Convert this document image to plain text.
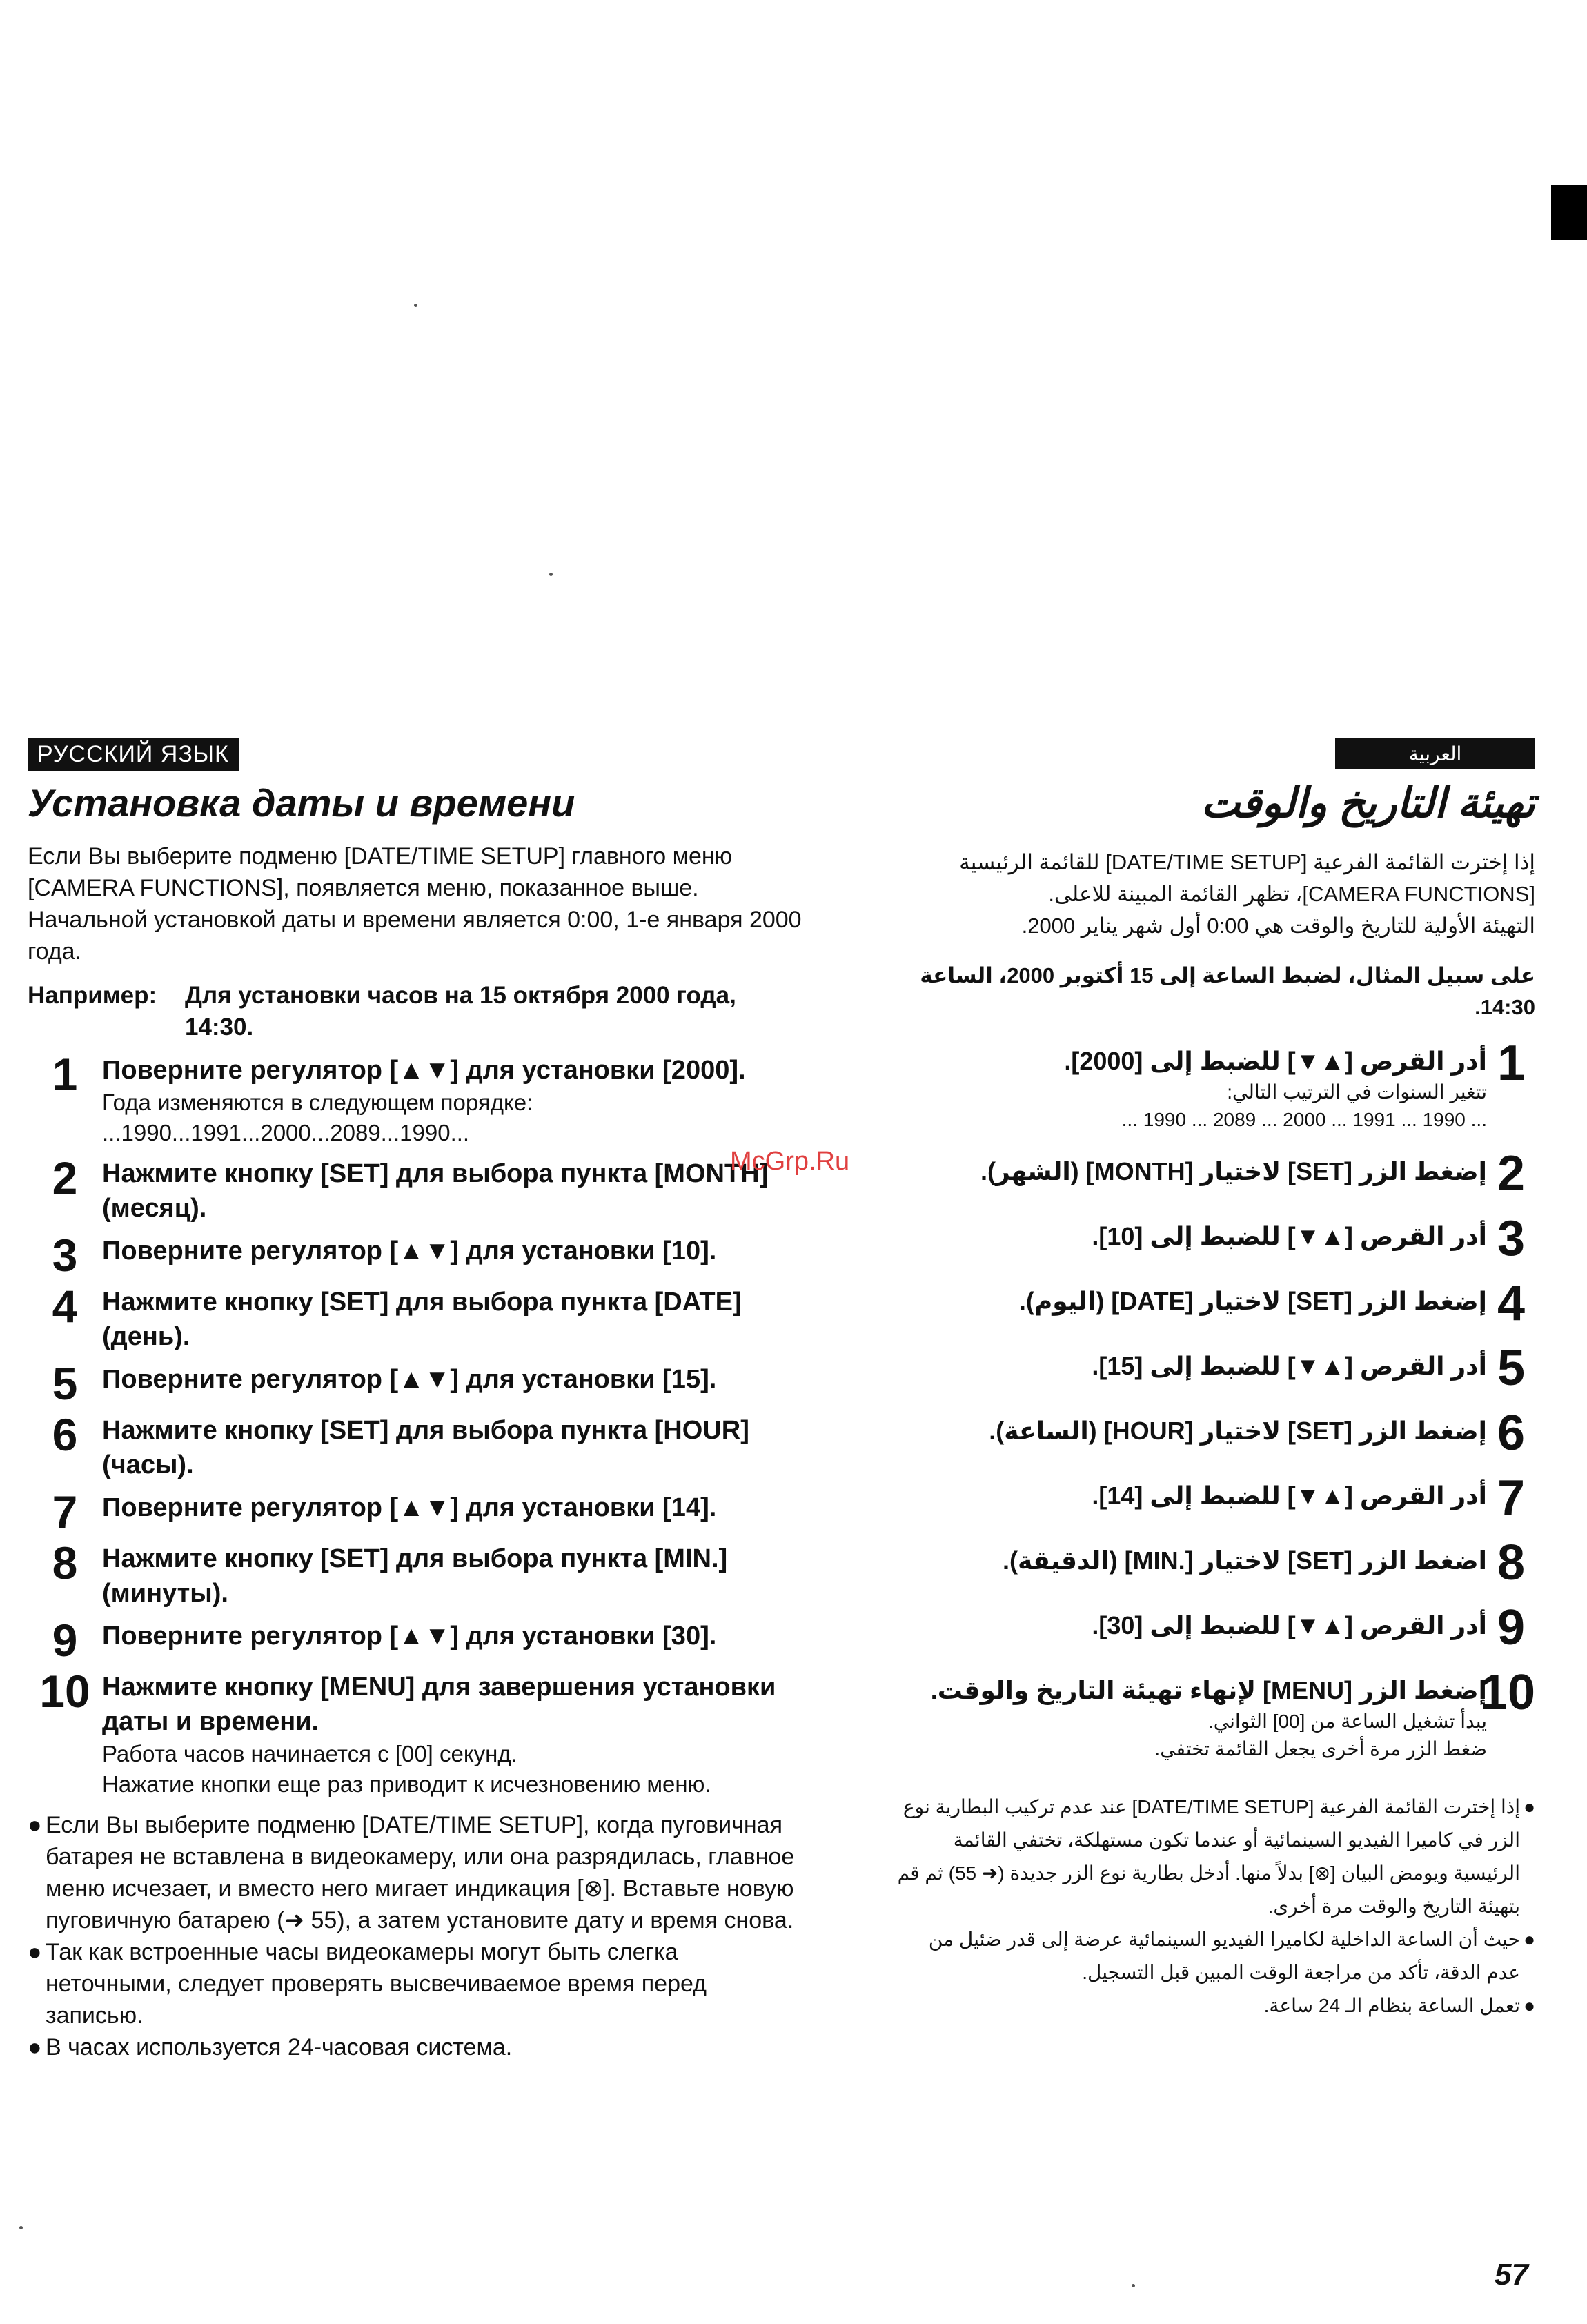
РУССКИЙ ЯЗЫК
Установка даты и времени

Если Вы выберите подменю [DATE/TIME SETUP] главного меню [CAMERA FUNCTIONS], появляется меню, показанное выше.

Начальной установкой даты и времени является 0:00, 1-е января 2000 года.

Например:	Для установки часов на 15 октября 2000 года, 14:30.
1 Поверните регулятор [▲▼] для установки [2000].
Года изменяются в следующем порядке:
...1990...1991...2000...2089...1990...
2 Нажмите кнопку [SET] для выбора пункта [MONTH] (месяц).
3 Поверните регулятор [▲▼] для установки [10].
4 Нажмите кнопку [SET] для выбора пункта [DATE] (день).
5 Поверните регулятор [▲▼] для установки [15].
6 Нажмите кнопку [SET] для выбора пункта [HOUR] (часы).
7 Поверните регулятор [▲▼] для установки [14].
8 Нажмите кнопку [SET] для выбора пункта [MIN.] (минуты).
9 Поверните регулятор [▲▼] для установки [30].
10 Нажмите кнопку [MENU] для завершения установки даты и времени.
Работа часов начинается с [00] секунд.
Нажатие кнопки еще раз приводит к исчезновению меню.
● Если Вы выберите подменю [DATE/TIME SETUP], когда пуговичная батарея не вставлена в видеокамеру, или она разрядилась, главное меню исчезает, и вместо него мигает индикация [⊗]. Вставьте новую пуговичную батарею (➜ 55), а затем установите дату и время снова.
● Так как встроенные часы видеокамеры могут быть слегка неточными, следует проверять высвечиваемое время перед записью.
● В часах используется 24-часовая система.
McGrp.Ru
العربية
تهيئة التاريخ والوقت

إذا إخترت القائمة الفرعية [DATE/TIME SETUP] للقائمة الرئيسية [CAMERA FUNCTIONS]، تظهر القائمة المبينة للاعلى.

التهيئة الأولية للتاريخ والوقت هي 0:00 أول شهر يناير 2000.

على سبيل المثال، لضبط الساعة إلى 15 أكتوبر 2000، الساعة 14:30.
1
أدر القرص [▲▼] للضبط إلى [2000].
تتغير السنوات في الترتيب التالي:
... 1990 ... 1991 ... 2000 ... 2089 ... 1990 ...
2
إضغط الزر [SET] لاختيار [MONTH] (الشهر).
3
أدر القرص [▲▼] للضبط إلى [10].
4
إضغط الزر [SET] لاختيار [DATE] (اليوم).
5
أدر القرص [▲▼] للضبط إلى [15].
6
إضغط الزر [SET] لاختيار [HOUR] (الساعة).
7
أدر القرص [▲▼] للضبط إلى [14].
8
اضغط الزر [SET] لاختيار [.MIN] (الدقيقة).
9
أدر القرص [▲▼] للضبط إلى [30].
10
إضغط الزر [MENU] لإنهاء تهيئة التاريخ والوقت.
يبدأ تشغيل الساعة من [00] الثواني.
ضغط الزر مرة أخرى يجعل القائمة تختفي.
●
إذا إخترت القائمة الفرعية [DATE/TIME SETUP] عند عدم تركيب البطارية نوع الزر في كاميرا الفيديو السينمائية أو عندما تكون مستهلكة، تختفي القائمة الرئيسية ويومض البيان [⊗] بدلاً منها. أدخل بطارية نوع الزر جديدة (➜ 55) ثم قم بتهيئة التاريخ والوقت مرة أخرى.
●
حيث أن الساعة الداخلية لكاميرا الفيديو السينمائية عرضة إلى قدر ضئيل من عدم الدقة، تأكد من مراجعة الوقت المبين قبل التسجيل.
●
تعمل الساعة بنظام الـ 24 ساعة.
57
